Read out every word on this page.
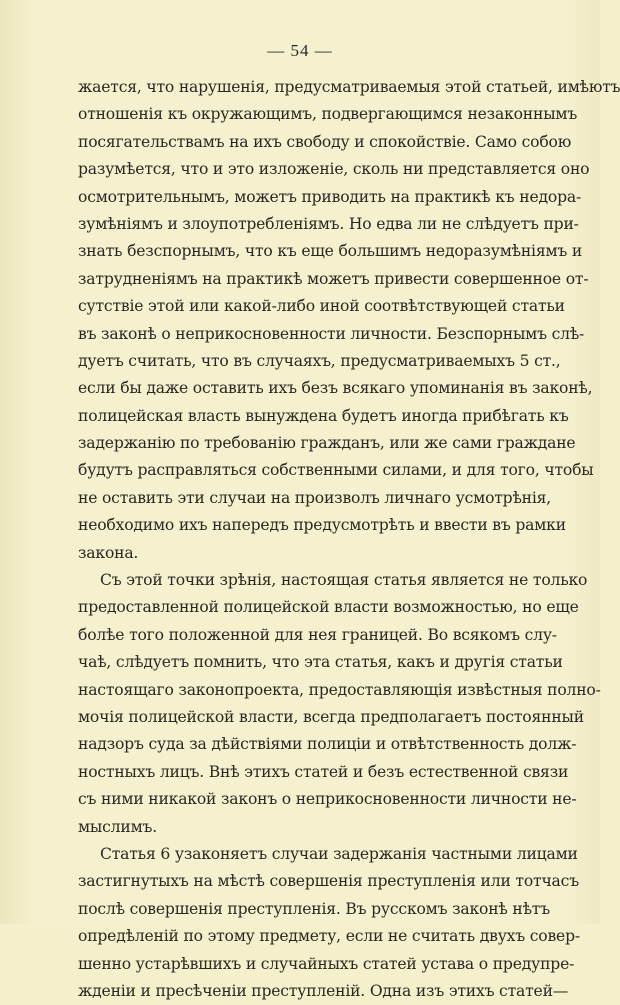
— 54 —
жается, что нарушенія, предусматриваемыя этой статьей, имѣютъ
отношенія къ окружающимъ, подвергающимся незаконнымъ
посягательствамъ на ихъ свободу и спокойствіе. Само собою
разумѣется, что и это изложеніе, сколь ни представляется оно
осмотрительнымъ, можетъ приводить на практикѣ къ недора-
зумѣніямъ и злоупотребленіямъ. Но едва ли не слѣдуетъ при-
знать безспорнымъ, что къ еще большимъ недоразумѣніямъ и
затрудненіямъ на практикѣ можетъ привести совершенное от-
сутствіе этой или какой-либо иной соотвѣтствующей статьи
въ законѣ о неприкосновенности личности. Безспорнымъ слѣ-
дуетъ считать, что въ случаяхъ, предусматриваемыхъ 5 ст.,
если бы даже оставить ихъ безъ всякаго упоминанія въ законѣ,
полицейская власть вынуждена будетъ иногда прибѣгать къ
задержанію по требованію гражданъ, или же сами граждане
будутъ расправляться собственными силами, и для того, чтобы
не оставить эти случаи на произволъ личнаго усмотрѣнія,
необходимо ихъ напередъ предусмотрѣть и ввести въ рамки
закона.
Съ этой точки зрѣнія, настоящая статья является не только
предоставленной полицейской власти возможностью, но еще
болѣе того положенной для нея границей. Во всякомъ слу-
чаѣ, слѣдуетъ помнить, что эта статья, какъ и другія статьи
настоящаго законопроекта, предоставляющія извѣстныя полно-
мочія полицейской власти, всегда предполагаетъ постоянный
надзоръ суда за дѣйствіями полиціи и отвѣтственность долж-
ностныхъ лицъ. Внѣ этихъ статей и безъ естественной связи
съ ними никакой законъ о неприкосновенности личности не-
мыслимъ.
Статья 6 узаконяетъ случаи задержанія частными лицами
застигнутыхъ на мѣстѣ совершенія преступленія или тотчасъ
послѣ совершенія преступленія. Въ русскомъ законѣ нѣтъ
опредѣленій по этому предмету, если не считать двухъ совер-
шенно устарѣвшихъ и случайныхъ статей устава о предупре-
жденіи и пресѣченіи преступленій. Одна изъ этихъ статей—
